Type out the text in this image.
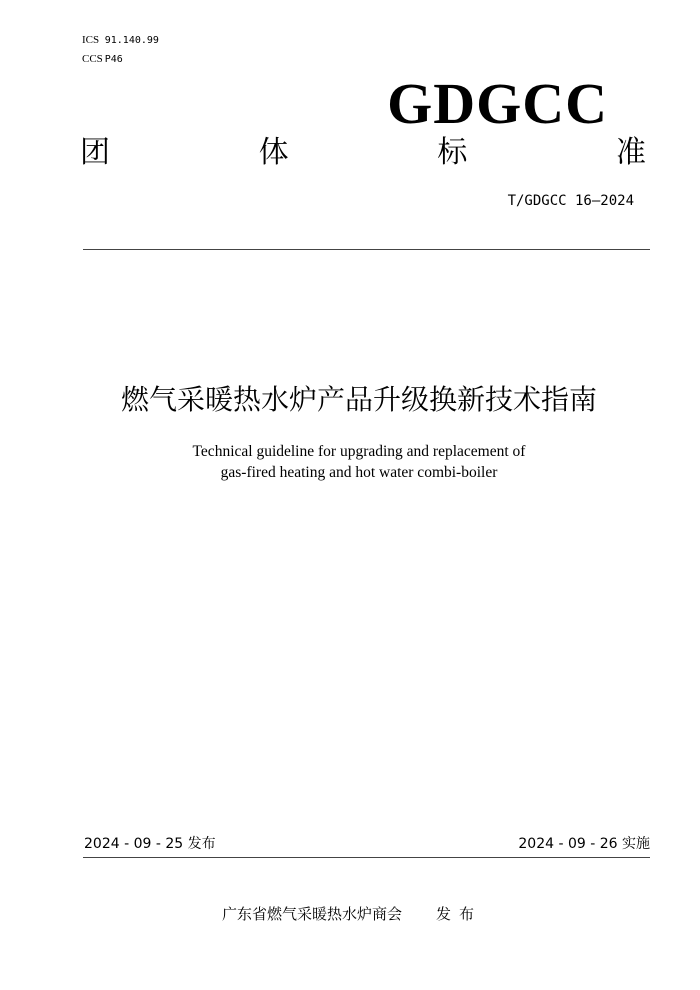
ICS 91.140.99
CCS P46
GDGCC
团	体	标	准
T/GDGCC 16—2024
燃气采暖热水炉产品升级换新技术指南
Technical guideline for upgrading and replacement of
gas-fired heating and hot water combi-boiler
2024 - 09 - 25 发布	2024 - 09 - 26 实施
广东省燃气采暖热水炉商会 发布
